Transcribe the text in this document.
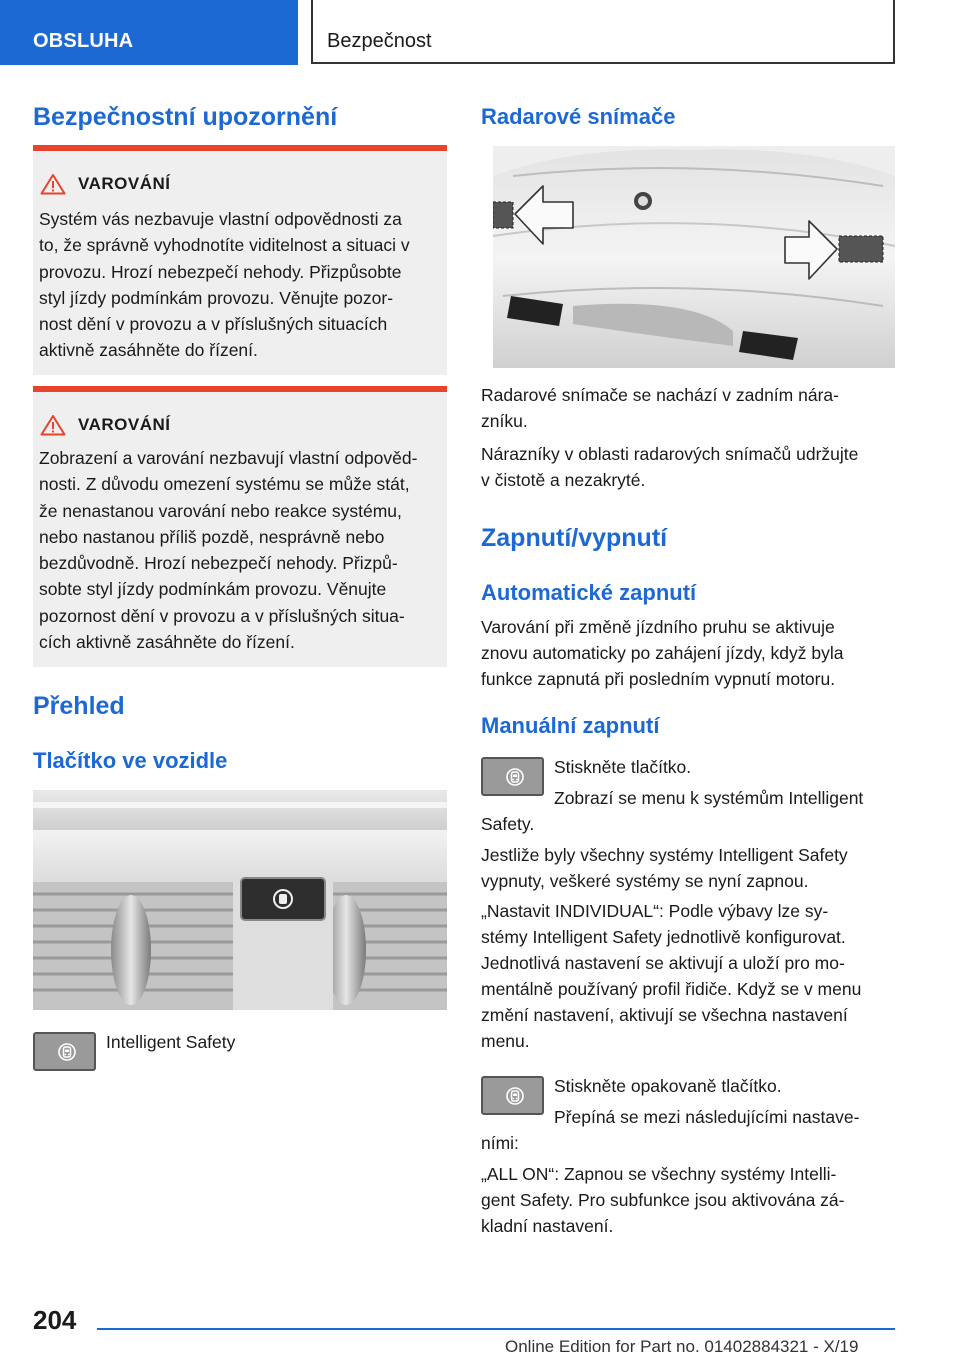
OBSLUHA	Bezpečnost
Bezpečnostní upozornění
VAROVÁNÍ
Systém vás nezbavuje vlastní odpovědnosti za
to, že správně vyhodnotíte viditelnost a situaci v
provozu. Hrozí nebezpečí nehody. Přizpůsobte
styl jízdy podmínkám provozu. Věnujte pozor-
nost dění v provozu a v příslušných situacích
aktivně zasáhněte do řízení.
VAROVÁNÍ
Zobrazení a varování nezbavují vlastní odpověd-
nosti. Z důvodu omezení systému se může stát,
že nenastanou varování nebo reakce systému,
nebo nastanou příliš pozdě, nesprávně nebo
bezdůvodně. Hrozí nebezpečí nehody. Přizpů-
sobte styl jízdy podmínkám provozu. Věnujte
pozornost dění v provozu a v příslušných situa-
cích aktivně zasáhněte do řízení.
Přehled
Tlačítko ve vozidle
Intelligent Safety
Radarové snímače
Radarové snímače se nachází v zadním nára-
zníku.
Nárazníky v oblasti radarových snímačů udržujte
v čistotě a nezakryté.
Zapnutí/vypnutí
Automatické zapnutí
Varování při změně jízdního pruhu se aktivuje
znovu automaticky po zahájení jízdy, když byla
funkce zapnutá při posledním vypnutí motoru.
Manuální zapnutí
Stiskněte tlačítko.
Zobrazí se menu k systémům Intelligent
Safety.
Jestliže byly všechny systémy Intelligent Safety
vypnuty, veškeré systémy se nyní zapnou.
„Nastavit INDIVIDUAL“: Podle výbavy lze sy-
stémy Intelligent Safety jednotlivě konfigurovat.
Jednotlivá nastavení se aktivují a uloží pro mo-
mentálně používaný profil řidiče. Když se v menu
změní nastavení, aktivují se všechna nastavení
menu.
Stiskněte opakovaně tlačítko.
Přepíná se mezi následujícími nastave-
ními:
„ALL ON“: Zapnou se všechny systémy Intelli-
gent Safety. Pro subfunkce jsou aktivována zá-
kladní nastavení.
204
Online Edition for Part no. 01402884321 - X/19
